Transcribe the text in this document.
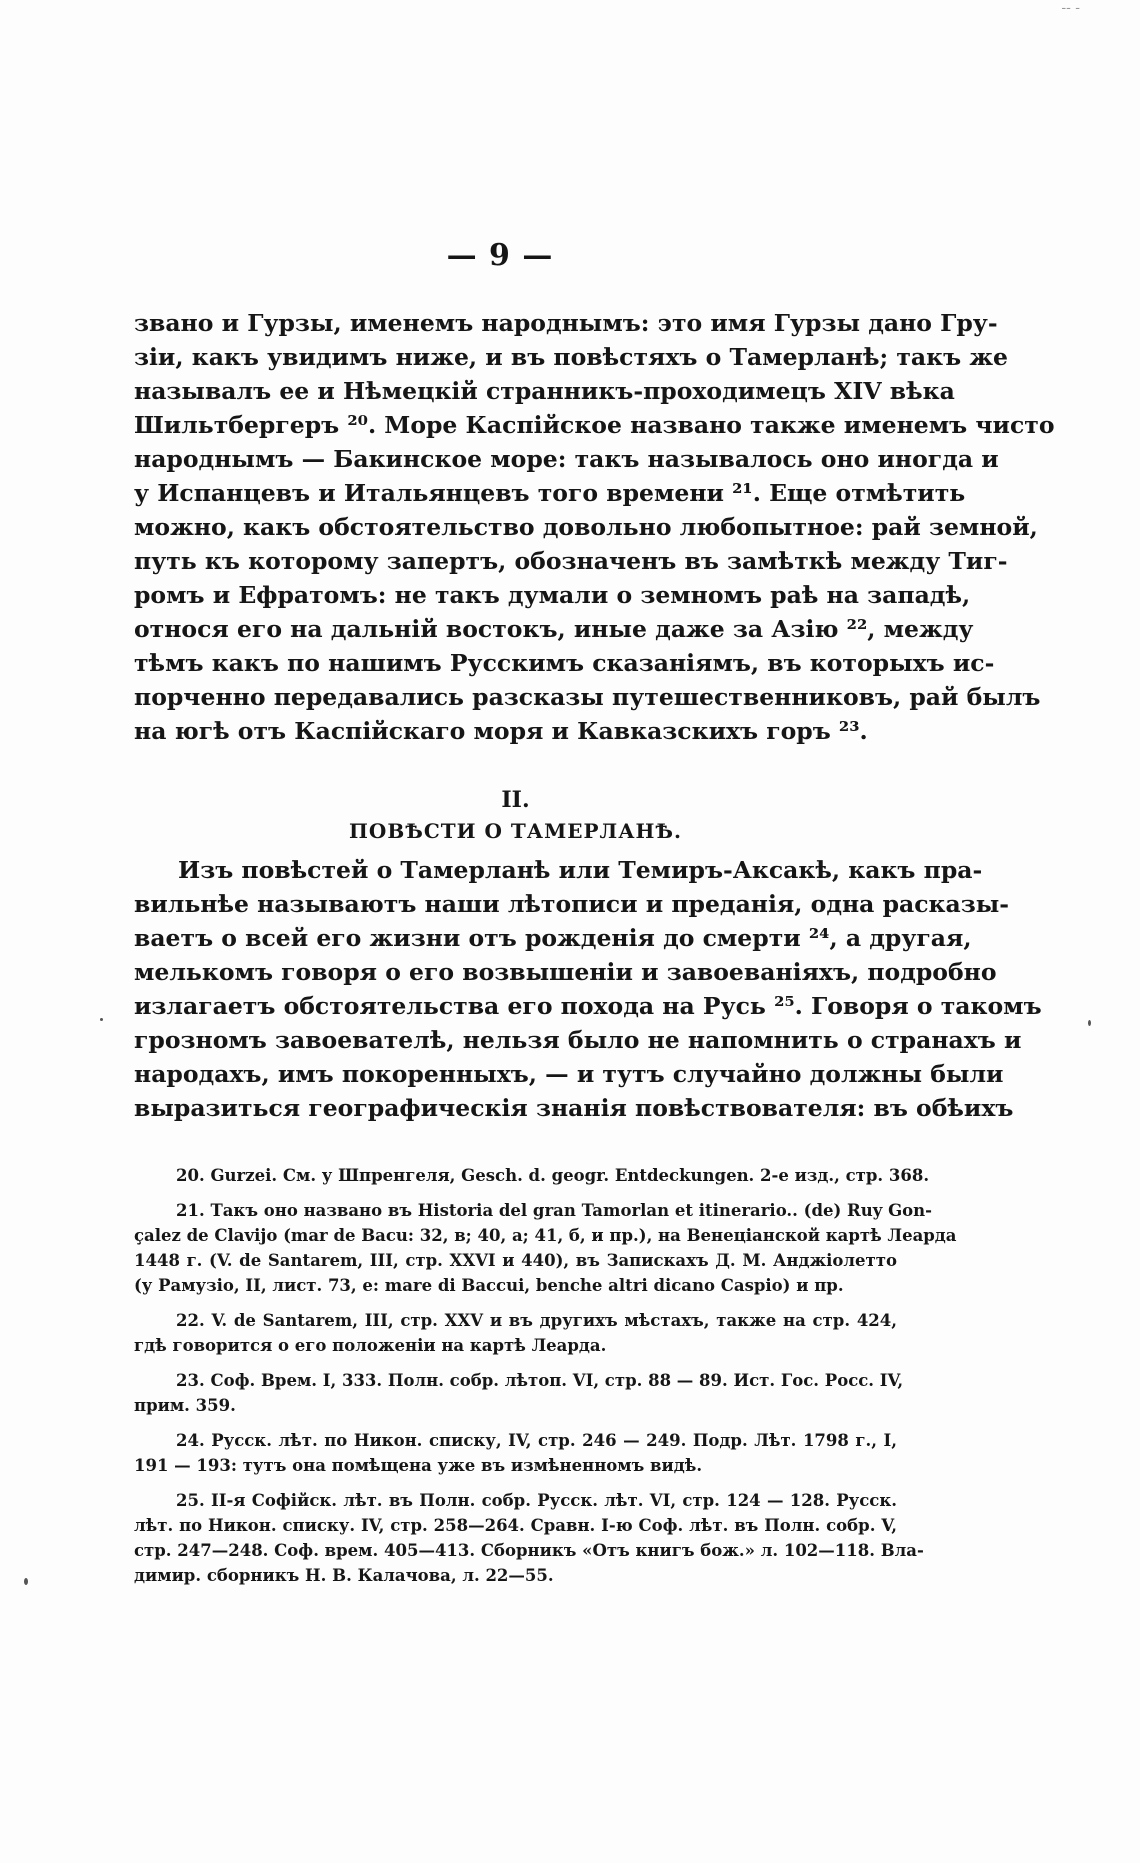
-- -
— 9 —
звано и Гурзы, именемъ народнымъ: это имя Гурзы дано Гру-
зіи, какъ увидимъ ниже, и въ повѣстяхъ о Тамерланѣ; такъ же
называлъ ее и Нѣмецкій странникъ-проходимецъ XIV вѣка
Шильтбергеръ ²⁰. Море Каспійское названо также именемъ чисто
народнымъ — Бакинское море: такъ называлось оно иногда и
у Испанцевъ и Итальянцевъ того времени ²¹. Еще отмѣтить
можно, какъ обстоятельство довольно любопытное: рай земной,
путь къ которому запертъ, обозначенъ въ замѣткѣ между Тиг-
ромъ и Ефратомъ: не такъ думали о земномъ раѣ на западѣ,
относя его на дальній востокъ, иные даже за Азію ²², между
тѣмъ какъ по нашимъ Русскимъ сказаніямъ, въ которыхъ ис-
порченно передавались разсказы путешественниковъ, рай былъ
на югѣ отъ Каспійскаго моря и Кавказскихъ горъ ²³.
II.
ПОВѢСТИ О ТАМЕРЛАНѢ.
Изъ повѣстей о Тамерланѣ или Темиръ-Аксакѣ, какъ пра-
вильнѣе называютъ наши лѣтописи и преданія, одна расказы-
ваетъ о всей его жизни отъ рожденія до смерти ²⁴, а другая,
мелькомъ говоря о его возвышеніи и завоеваніяхъ, подробно
излагаетъ обстоятельства его похода на Русь ²⁵. Говоря о такомъ
грозномъ завоевателѣ, нельзя было не напомнить о странахъ и
народахъ, имъ покоренныхъ, — и тутъ случайно должны были
выразиться географическія знанія повѣствователя: въ обѣихъ
20. Gurzei. См. у Шпренгеля, Gesch. d. geogr. Entdeckungen. 2-е изд., стр. 368.
21. Такъ оно названо въ Historia del gran Tamorlan et itinerario.. (de) Ruy Gon-
çalez de Clavijo (mar de Bacu: 32, в; 40, а; 41, б, и пр.), на Венеціанской картѣ Леарда
1448 г. (V. de Santarem, III, стр. XXVI и 440), въ Запискахъ Д. М. Анджіолетто
(у Рамузіо, II, лист. 73, e: mare di Baccui, benche altri dicano Caspio) и пр.
22. V. de Santarem, III, стр. XXV и въ другихъ мѣстахъ, также на стр. 424,
гдѣ говорится о его положеніи на картѣ Леарда.
23. Соф. Врем. I, 333. Полн. собр. лѣтоп. VI, стр. 88 — 89. Ист. Гос. Росс. IV,
прим. 359.
24. Русск. лѣт. по Никон. списку, IV, стр. 246 — 249. Подр. Лѣт. 1798 г., I,
191 — 193: тутъ она помѣщена уже въ измѣненномъ видѣ.
25. II-я Софійск. лѣт. въ Полн. собр. Русск. лѣт. VI, стр. 124 — 128. Русск.
лѣт. по Никон. списку. IV, стр. 258—264. Сравн. I-ю Соф. лѣт. въ Полн. собр. V,
стр. 247—248. Соф. врем. 405—413. Сборникъ «Отъ книгъ бож.» л. 102—118. Вла-
димир. сборникъ Н. В. Калачова, л. 22—55.
